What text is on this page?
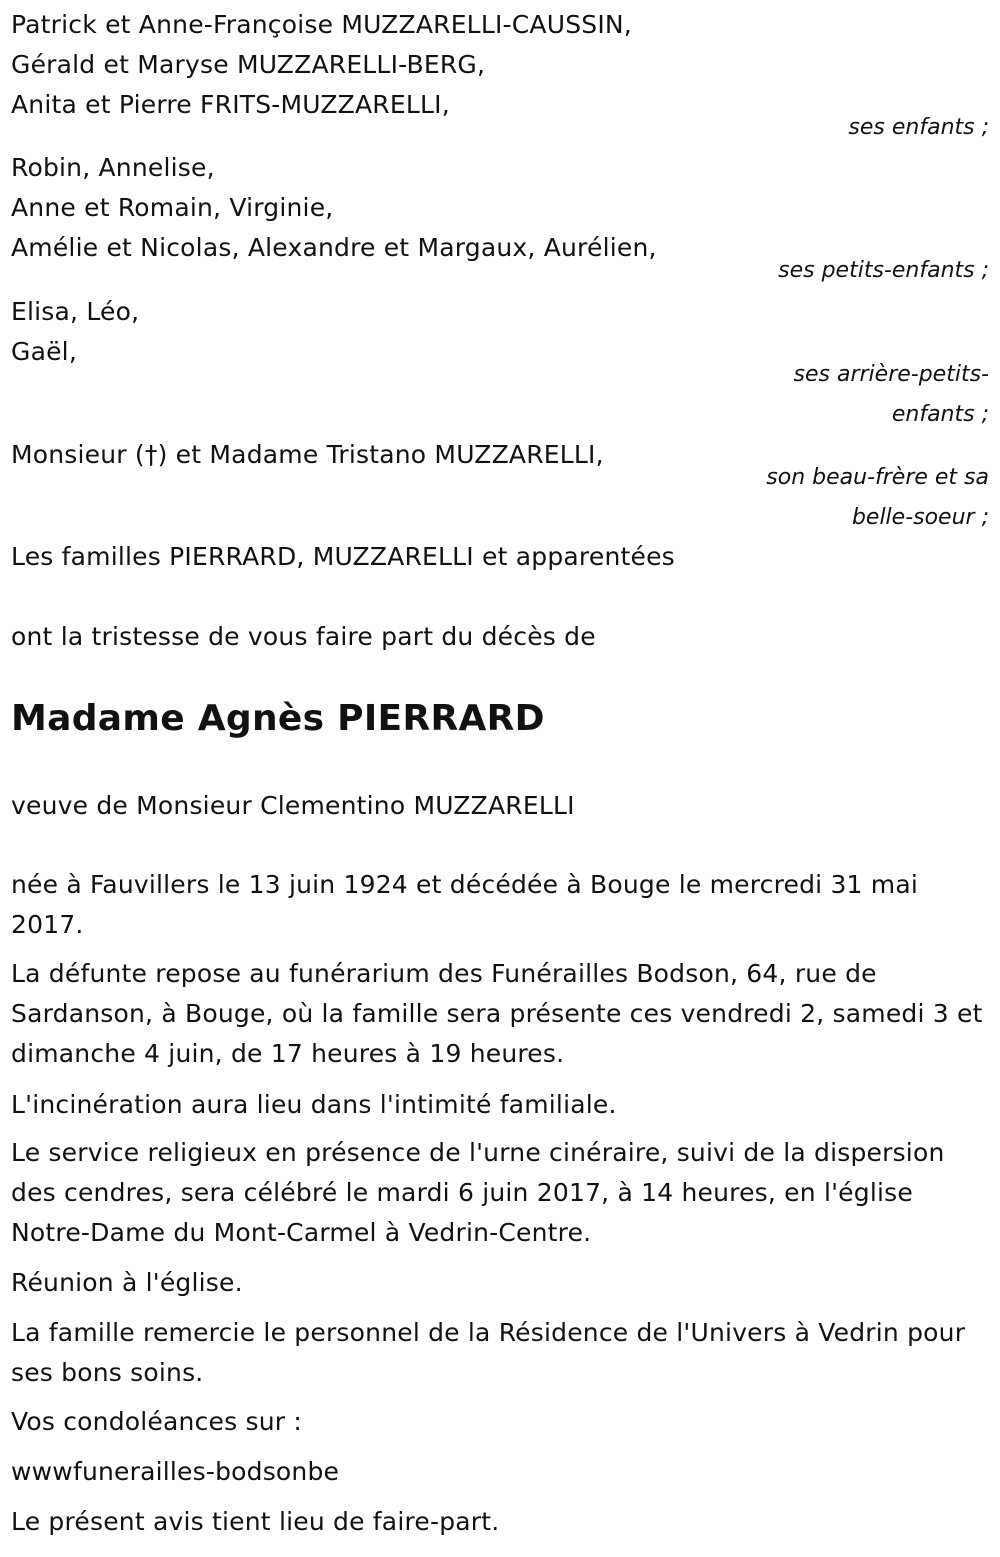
Patrick et Anne-Françoise MUZZARELLI-CAUSSIN,
Gérald et Maryse MUZZARELLI-BERG,
Anita et Pierre FRITS-MUZZARELLI,
ses enfants ;
Robin, Annelise,
Anne et Romain, Virginie,
Amélie et Nicolas, Alexandre et Margaux, Aurélien,
ses petits-enfants ;
Elisa, Léo,
Gaël,
ses arrière-petits-
enfants ;
Monsieur (†) et Madame Tristano MUZZARELLI,
son beau-frère et sa
belle-soeur ;
Les familles PIERRARD, MUZZARELLI et apparentées
ont la tristesse de vous faire part du décès de
Madame Agnès PIERRARD
veuve de Monsieur Clementino MUZZARELLI
née à Fauvillers le 13 juin 1924 et décédée à Bouge le mercredi 31 mai 2017.
La défunte repose au funérarium des Funérailles Bodson, 64, rue de Sardanson, à Bouge, où la famille sera présente ces vendredi 2, samedi 3 et dimanche 4 juin, de 17 heures à 19 heures.
L'incinération aura lieu dans l'intimité familiale.
Le service religieux en présence de l'urne cinéraire, suivi de la dispersion des cendres, sera célébré le mardi 6 juin 2017, à 14 heures, en l'église Notre-Dame du Mont-Carmel à Vedrin-Centre.
Réunion à l'église.
La famille remercie le personnel de la Résidence de l'Univers à Vedrin pour ses bons soins.
Vos condoléances sur :
wwwfunerailles-bodsonbe
Le présent avis tient lieu de faire-part.
